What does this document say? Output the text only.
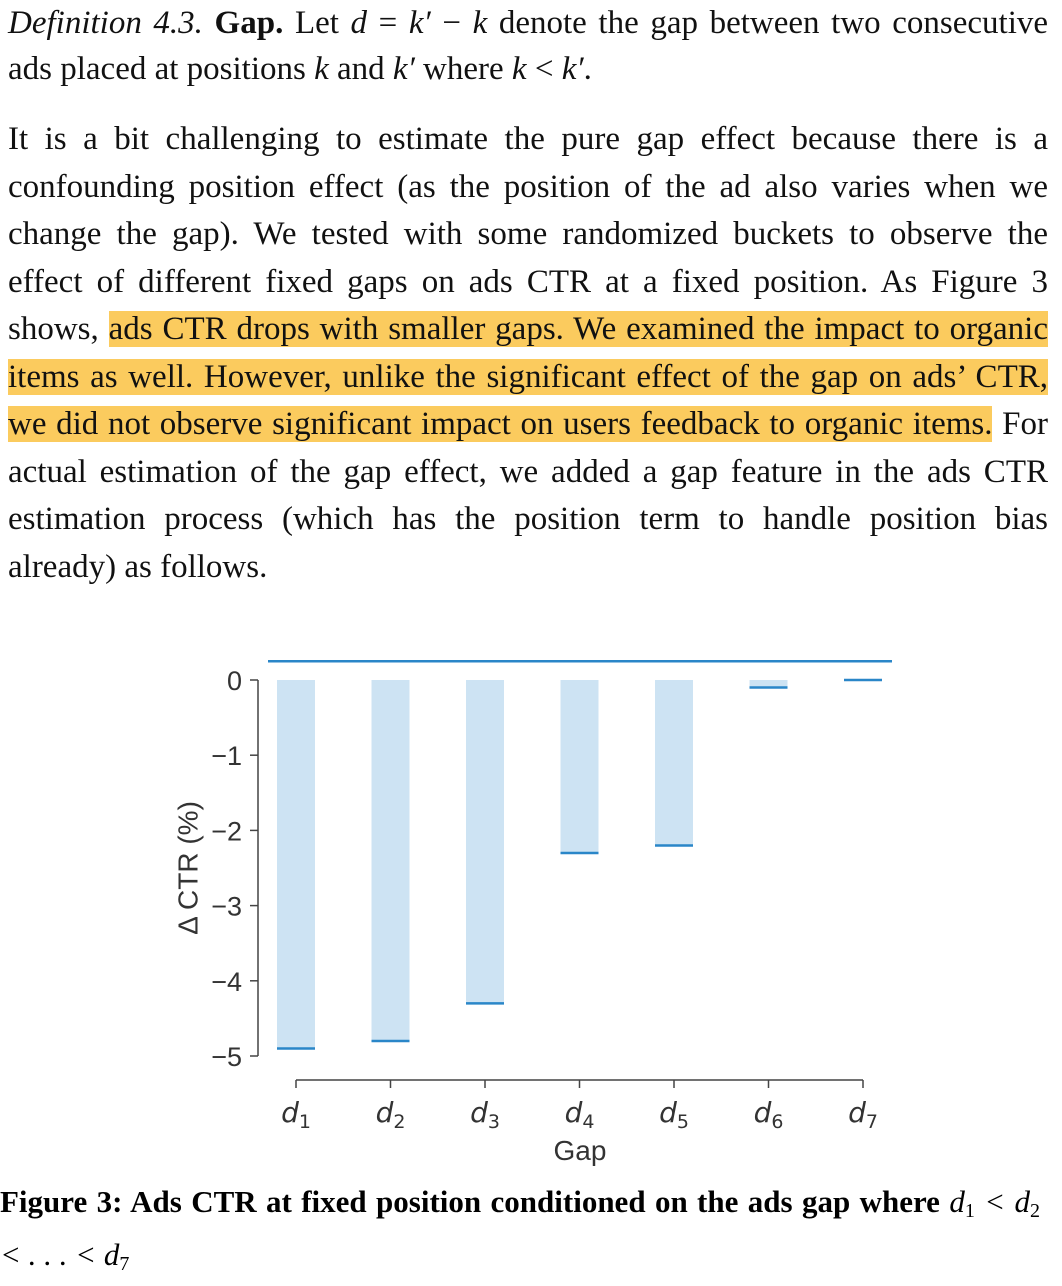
Definition 4.3. Gap. Let d = k′ − k denote the gap between two consecutive ads placed at positions k and k′ where k < k′.

It is a bit challenging to estimate the pure gap effect because there is a confounding position effect (as the position of the ad also varies when we change the gap). We tested with some randomized buckets to observe the effect of different fixed gaps on ads CTR at a fixed position. As Figure 3 shows, ads CTR drops with smaller gaps. We examined the impact to organic items as well. However, unlike the significant effect of the gap on ads’ CTR, we did not observe significant impact on users feedback to organic items. For actual estimation of the gap effect, we added a gap feature in the ads CTR estimation process (which has the position term to handle position bias already) as follows.

0
−1
−2
−3
−4
−5
$d_1$ $d_2$ $d_3$ $d_4$ $d_5$ $d_6$ $d_7$
Δ CTR (%)
Gap

Figure 3: Ads CTR at fixed position conditioned on the ads gap where $d_1 < d_2$ < . . . < $d_7$
